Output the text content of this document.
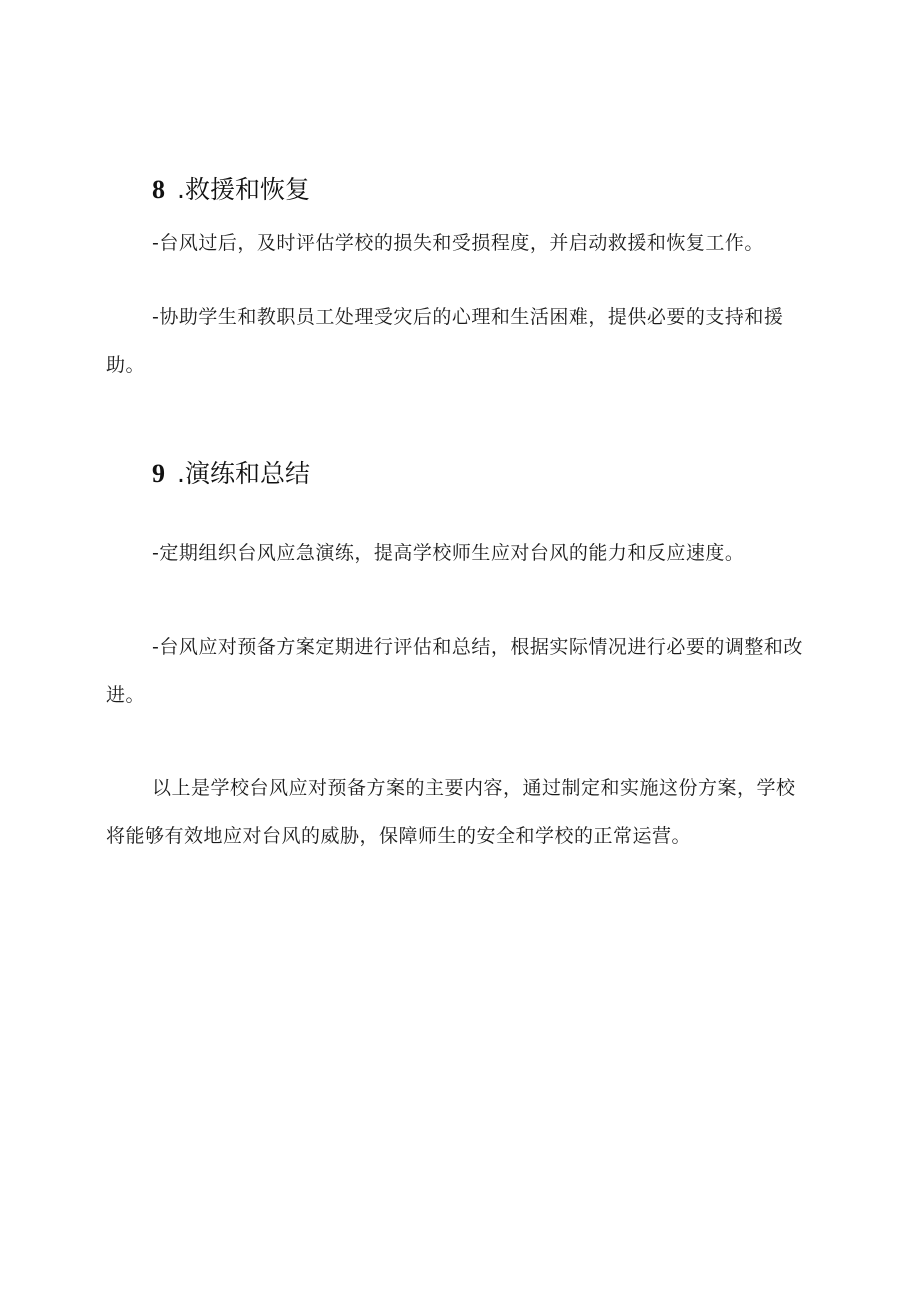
8 .救援和恢复

-台风过后，及时评估学校的损失和受损程度，并启动救援和恢复工作。

-协助学生和教职员工处理受灾后的心理和生活困难，提供必要的支持和援助。

9 .演练和总结

-定期组织台风应急演练，提高学校师生应对台风的能力和反应速度。

-台风应对预备方案定期进行评估和总结，根据实际情况进行必要的调整和改进。

以上是学校台风应对预备方案的主要内容，通过制定和实施这份方案，学校将能够有效地应对台风的威胁，保障师生的安全和学校的正常运营。
